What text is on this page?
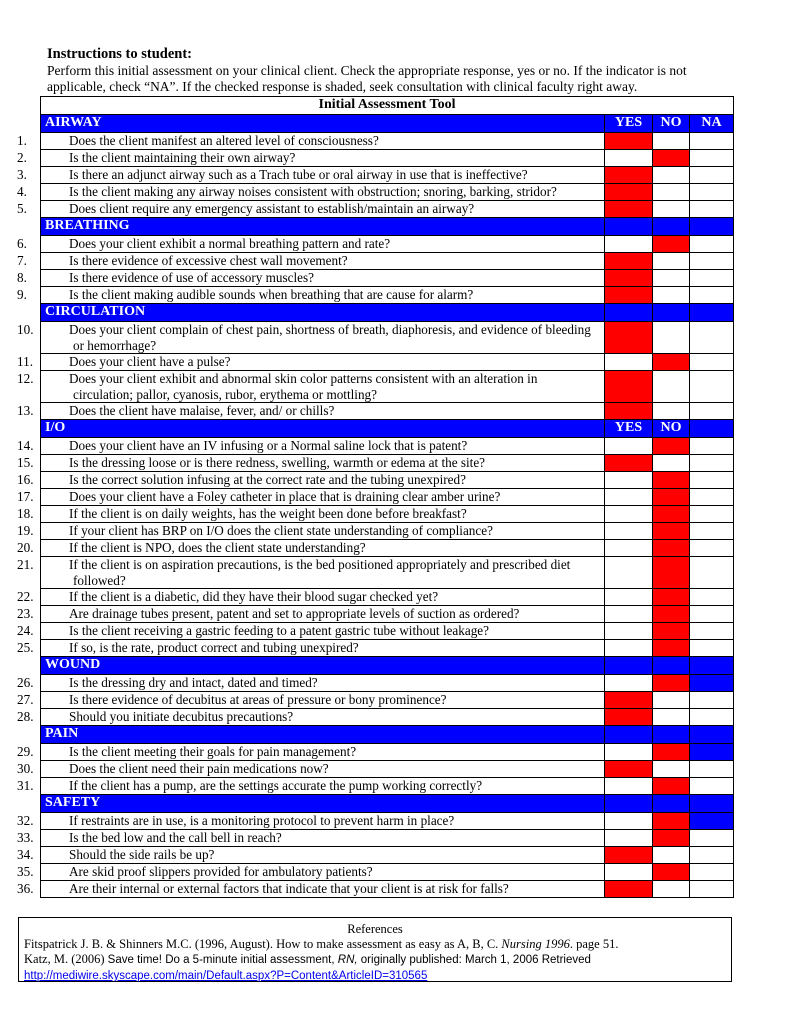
Instructions to student:
Perform this initial assessment on your clinical client. Check the appropriate response, yes or no. If the indicator is not applicable, check “NA”. If the checked response is shaded, seek consultation with clinical faculty right away.
Initial Assessment Tool			
AIRWAY	YES	NO	NA

1. Does the client manifest an altered level of consciousness?			

2. Is the client maintaining their own airway?			

3. Is there an adjunct airway such as a Trach tube or oral airway in use that is ineffective?			

4. Is the client making any airway noises consistent with obstruction; snoring, barking, stridor?			

5. Does client require any emergency assistant to establish/maintain an airway?			

BREATHING			

6. Does your client exhibit a normal breathing pattern and rate?			

7. Is there evidence of excessive chest wall movement?			

8. Is there evidence of use of accessory muscles?			

9. Is the client making audible sounds when breathing that are cause for alarm?			

CIRCULATION			

10. Does your client complain of chest pain, shortness of breath, diaphoresis, and evidence of bleeding or hemorrhage?			

11. Does your client have a pulse?			

12. Does your client exhibit and abnormal skin color patterns consistent with an alteration in circulation; pallor, cyanosis, rubor, erythema or mottling?			

13. Does the client have malaise, fever, and/ or chills?			

I/O	YES	NO	

14. Does your client have an IV infusing or a Normal saline lock that is patent?			

15. Is the dressing loose or is there redness, swelling, warmth or edema at the site?			

16. Is the correct solution infusing at the correct rate and the tubing unexpired?			

17. Does your client have a Foley catheter in place that is draining clear amber urine?			

18. If the client is on daily weights, has the weight been done before breakfast?			

19. If your client has BRP on I/O does the client state understanding of compliance?			

20. If the client is NPO, does the client state understanding?			

21. If the client is on aspiration precautions, is the bed positioned appropriately and prescribed diet followed?			

22. If the client is a diabetic, did they have their blood sugar checked yet?			

23. Are drainage tubes present, patent and set to appropriate levels of suction as ordered?			

24. Is the client receiving a gastric feeding to a patent gastric tube without leakage?			

25. If so, is the rate, product correct and tubing unexpired?			

WOUND			

26. Is the dressing dry and intact, dated and timed?			

27. Is there evidence of decubitus at areas of pressure or bony prominence?			

28. Should you initiate decubitus precautions?			

PAIN			

29. Is the client meeting their goals for pain management?			

30. Does the client need their pain medications now?			

31. If the client has a pump, are the settings accurate the pump working correctly?			

SAFETY			

32. If restraints are in use, is a monitoring protocol to prevent harm in place?			

33. Is the bed low and the call bell in reach?			

34. Should the side rails be up?			

35. Are skid proof slippers provided for ambulatory patients?			

36. Are their internal or external factors that indicate that your client is at risk for falls?			

References
Fitspatrick J. B. & Shinners M.C. (1996, August). How to make assessment as easy as A, B, C. Nursing 1996. page 51.
Katz, M. (2006) Save time! Do a 5-minute initial assessment, RN, originally published: March 1, 2006 Retrieved
http://mediwire.skyscape.com/main/Default.aspx?P=Content&ArticleID=310565
